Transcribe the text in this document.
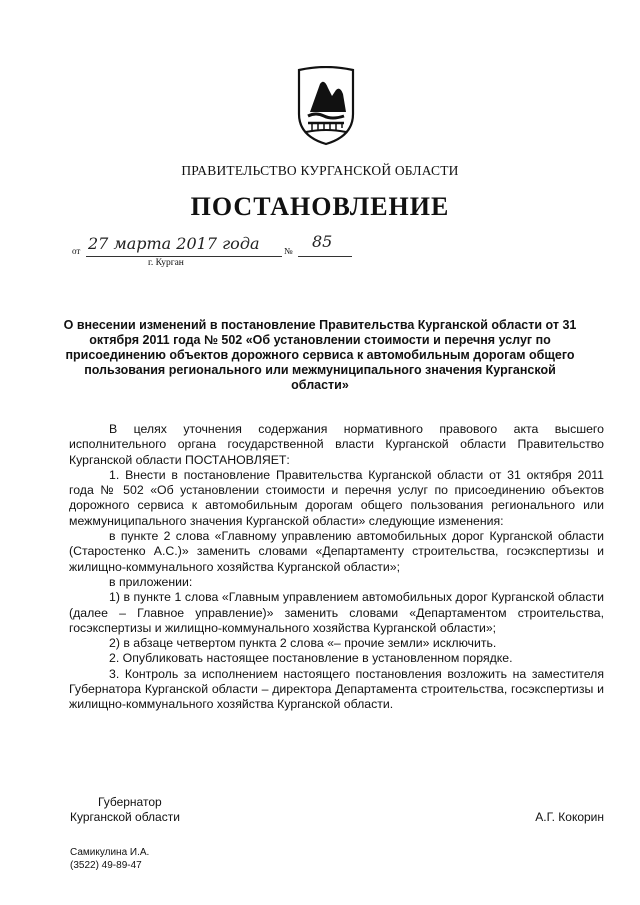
ПРАВИТЕЛЬСТВО КУРГАНСКОЙ ОБЛАСТИ
ПОСТАНОВЛЕНИЕ
от 27 марта 2017 года	№ 85
г. Курган
О внесении изменений в постановление Правительства Курганской области от 31 октября 2011 года № 502 «Об установлении стоимости и перечня услуг по присоединению объектов дорожного сервиса к автомобильным дорогам общего пользования регионального или межмуниципального значения Курганской области»

В целях уточнения содержания нормативного правового акта высшего исполнительного органа государственной власти Курганской области Правительство Курганской области ПОСТАНОВЛЯЕТ:

1. Внести в постановление Правительства Курганской области от 31 октября 2011 года № 502 «Об установлении стоимости и перечня услуг по присоединению объектов дорожного сервиса к автомобильным дорогам общего пользования регионального или межмуниципального значения Курганской области» следующие изменения:

в пункте 2 слова «Главному управлению автомобильных дорог Курганской области (Старостенко А.С.)» заменить словами «Департаменту строительства, госэкспертизы и жилищно-коммунального хозяйства Курганской области»;

в приложении:

1) в пункте 1 слова «Главным управлением автомобильных дорог Курганской области (далее – Главное управление)» заменить словами «Департаментом строительства, госэкспертизы и жилищно-коммунального хозяйства Курганской области»;

2) в абзаце четвертом пункта 2 слова «– прочие земли» исключить.

2. Опубликовать настоящее постановление в установленном порядке.

3. Контроль за исполнением настоящего постановления возложить на заместителя Губернатора Курганской области – директора Департамента строительства, госэкспертизы и жилищно-коммунального хозяйства Курганской области.

Губернатор
Курганской области	А.Г. Кокорин
Самикулина И.А.
(3522) 49-89-47
